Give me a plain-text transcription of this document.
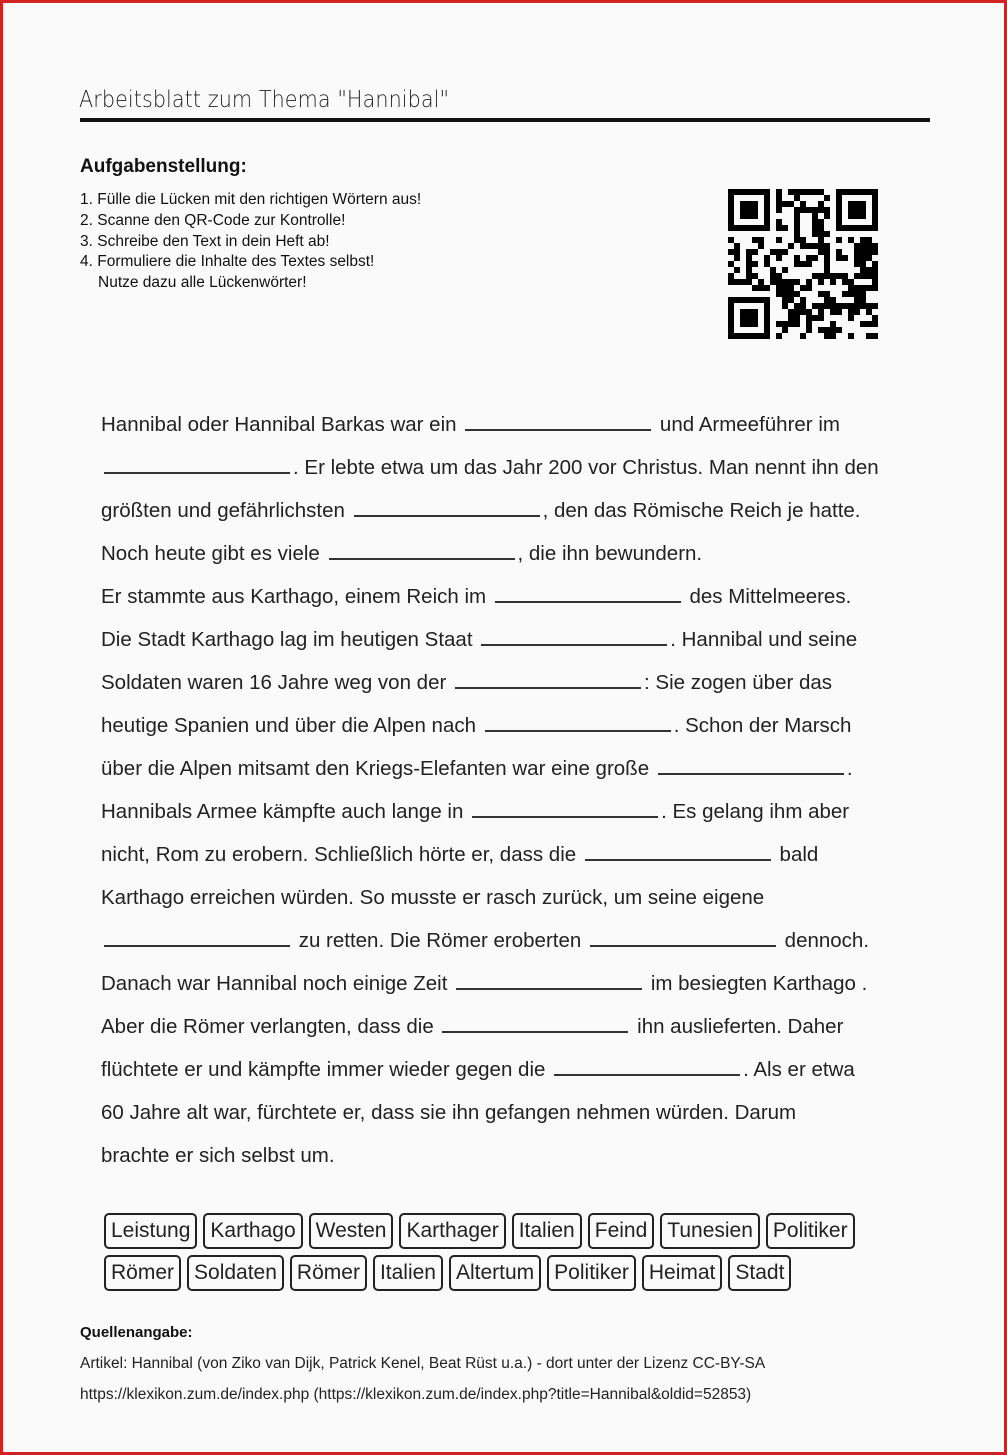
Arbeitsblatt zum Thema "Hannibal"
Aufgabenstellung:
1. Fülle die Lücken mit den richtigen Wörtern aus!
2. Scanne den QR-Code zur Kontrolle!
3. Schreibe den Text in dein Heft ab!
4. Formuliere die Inhalte des Textes selbst!
Nutze dazu alle Lückenwörter!
Hannibal oder Hannibal Barkas war ein	und Armeeführer im
. Er lebte etwa um das Jahr 200 vor Christus. Man nennt ihn den
größten und gefährlichsten	, den das Römische Reich je hatte.
Noch heute gibt es viele	, die ihn bewundern.
Er stammte aus Karthago, einem Reich im	des Mittelmeeres.
Die Stadt Karthago lag im heutigen Staat	. Hannibal und seine
Soldaten waren 16 Jahre weg von der	: Sie zogen über das
heutige Spanien und über die Alpen nach	. Schon der Marsch
über die Alpen mitsamt den Kriegs-Elefanten war eine große	.
Hannibals Armee kämpfte auch lange in	. Es gelang ihm aber
nicht, Rom zu erobern. Schließlich hörte er, dass die	bald
Karthago erreichen würden. So musste er rasch zurück, um seine eigene
zu retten. Die Römer eroberten	dennoch.
Danach war Hannibal noch einige Zeit	im besiegten Karthago .
Aber die Römer verlangten, dass die	ihn auslieferten. Daher
flüchtete er und kämpfte immer wieder gegen die	. Als er etwa
60 Jahre alt war, fürchtete er, dass sie ihn gefangen nehmen würden. Darum
brachte er sich selbst um.
Leistung Karthago Westen Karthager Italien Feind Tunesien Politiker
Römer Soldaten Römer Italien Altertum Politiker Heimat Stadt
Quellenangabe:
Artikel: Hannibal (von Ziko van Dijk, Patrick Kenel, Beat Rüst u.a.) - dort unter der Lizenz CC-BY-SA
https://klexikon.zum.de/index.php (https://klexikon.zum.de/index.php?title=Hannibal&oldid=52853)
